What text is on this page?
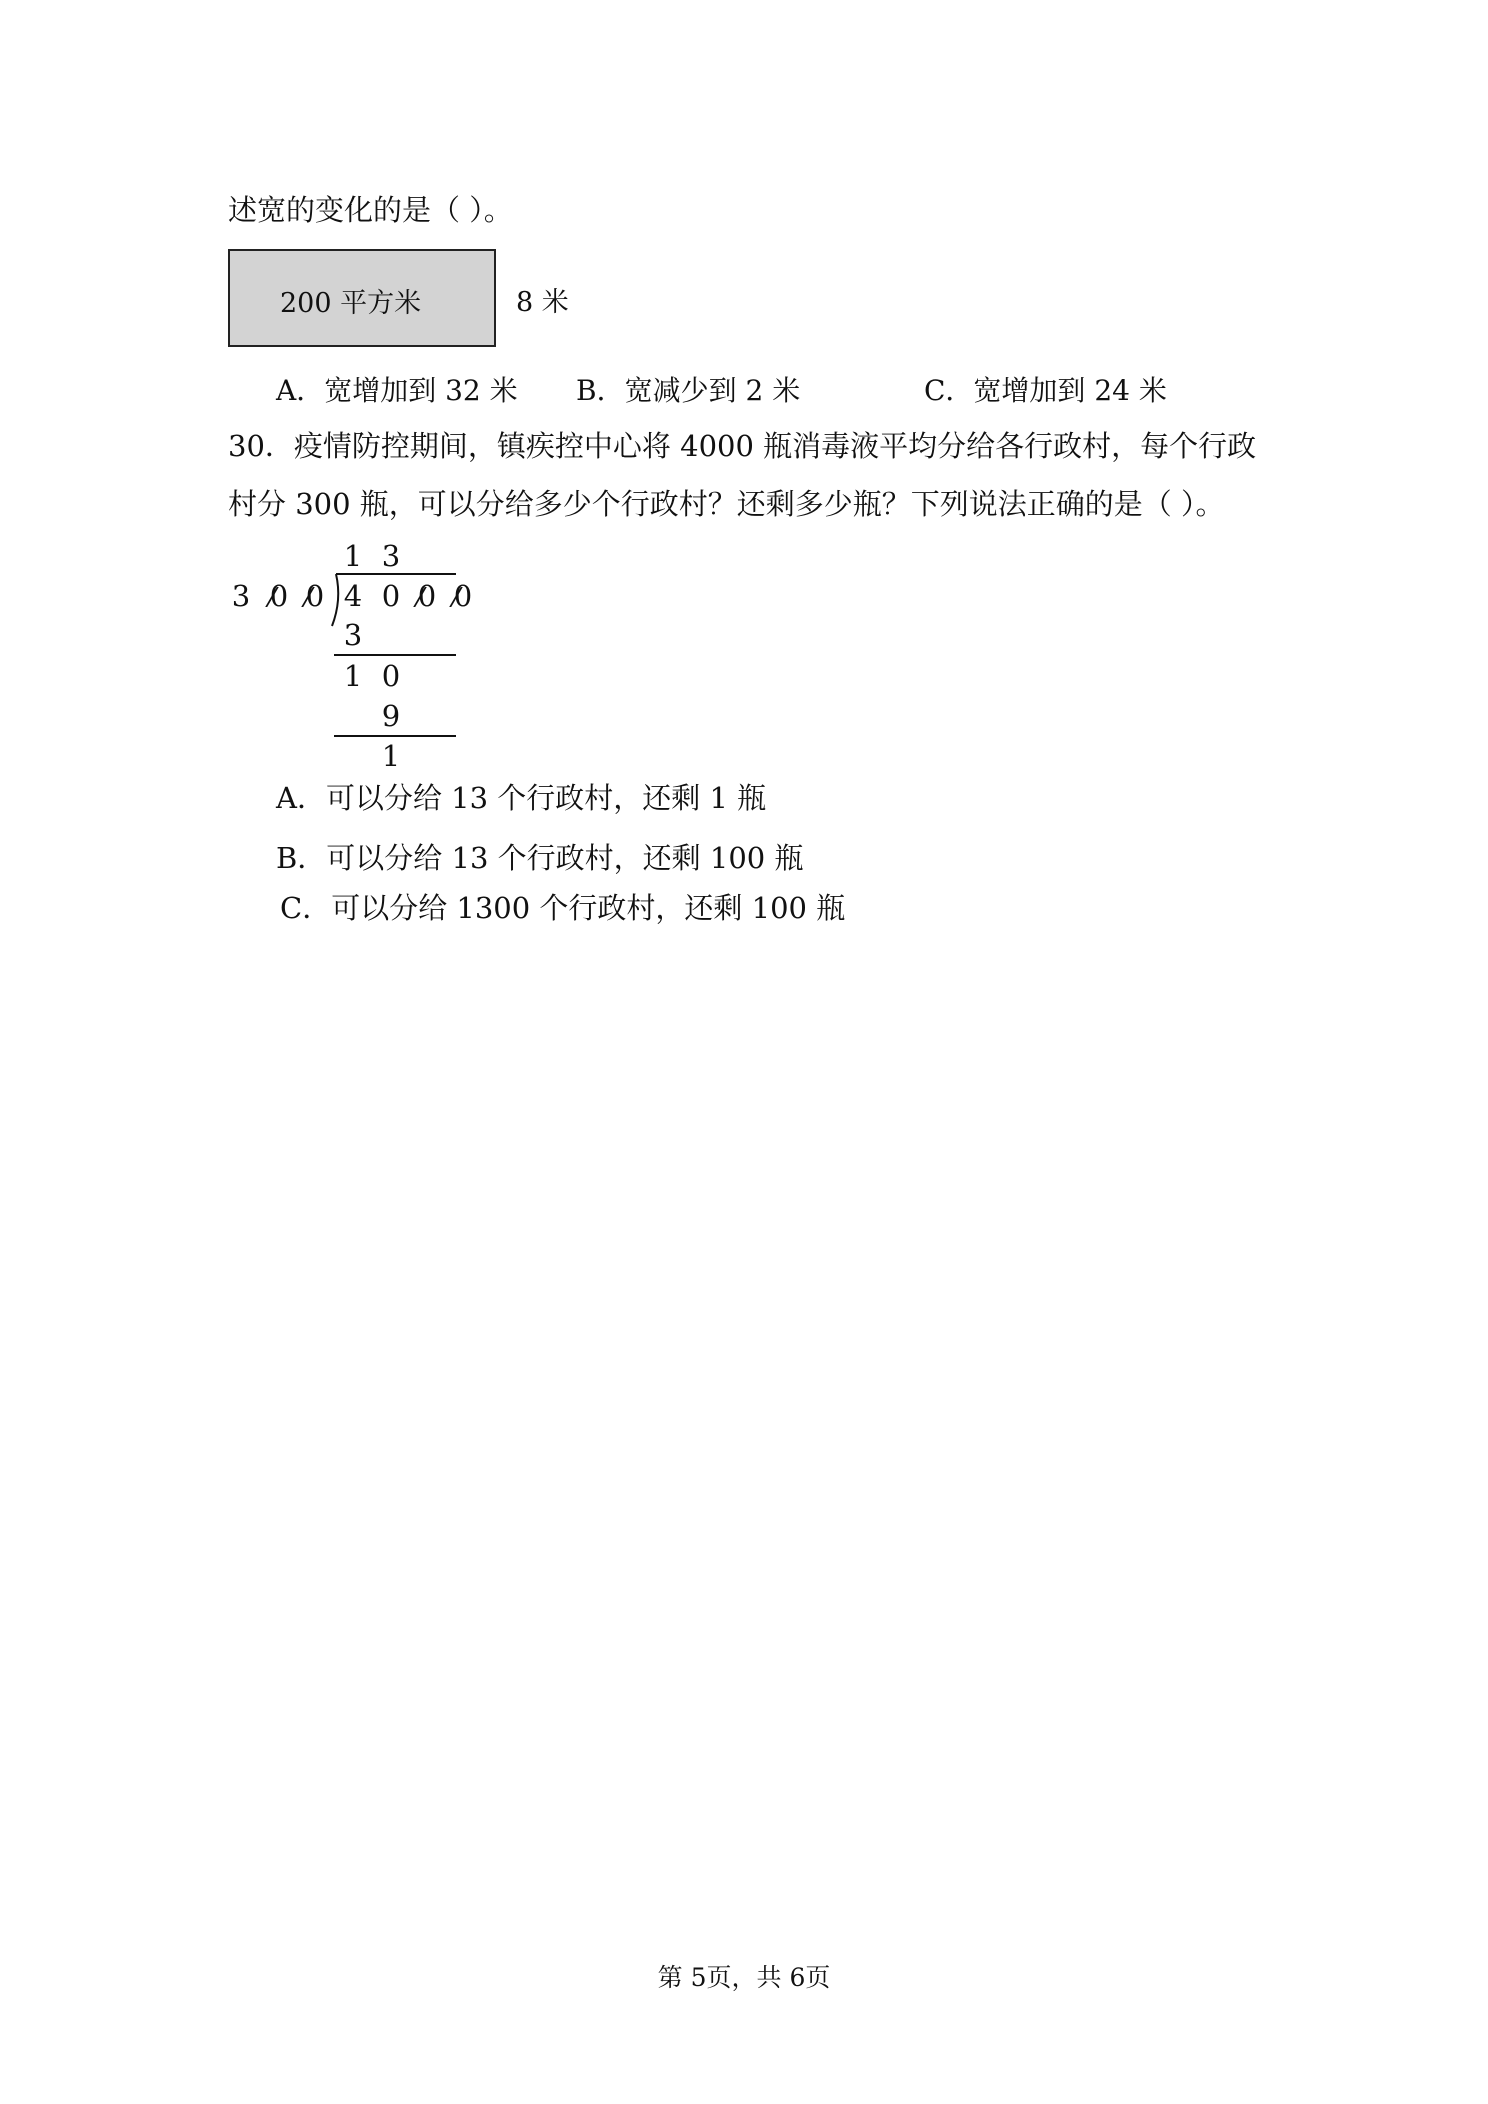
述宽的变化的是（ ）。
200 平方米	8 米
A．宽增加到 32 米 B．宽减少到 2 米	C．宽增加到 24 米
30．疫情防控期间，镇疾控中心将 4000 瓶消毒液平均分给各行政村，每个行政
村分 300 瓶，可以分给多少个行政村？还剩多少瓶？下列说法正确的是（ ）。
1 3
3 0 0 4 0 0 0
3
1 0
9
1
A．可以分给 13 个行政村，还剩 1 瓶
B．可以分给 13 个行政村，还剩 100 瓶
C．可以分给 1300 个行政村，还剩 100 瓶
第 5页，共 6页
